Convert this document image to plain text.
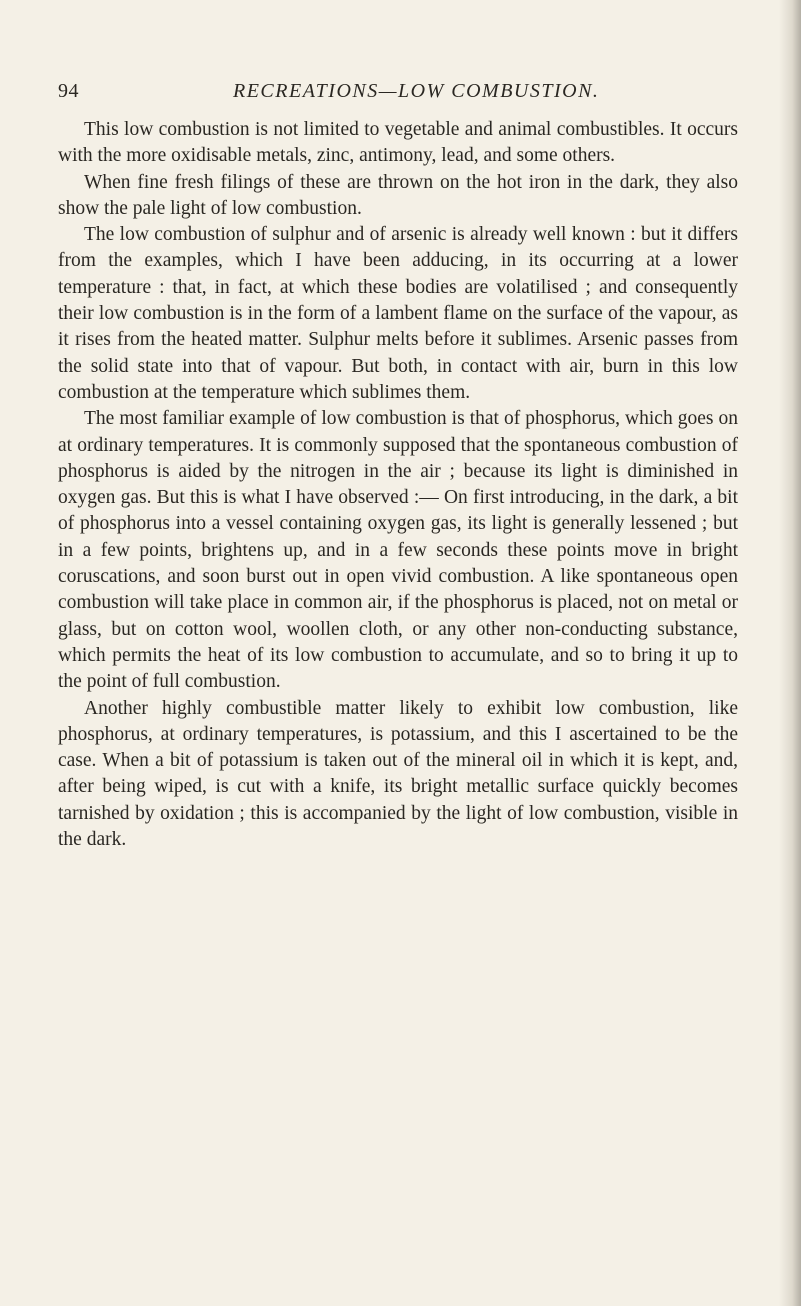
94	RECREATIONS—LOW COMBUSTION.

This low combustion is not limited to vegetable and animal combustibles. It occurs with the more oxidisable metals, zinc, antimony, lead, and some others.

When fine fresh filings of these are thrown on the hot iron in the dark, they also show the pale light of low combustion.

The low combustion of sulphur and of arsenic is already well known : but it differs from the examples, which I have been adducing, in its occurring at a lower temperature : that, in fact, at which these bodies are volatilised ; and consequently their low combustion is in the form of a lambent flame on the surface of the vapour, as it rises from the heated matter. Sulphur melts before it sublimes. Arsenic passes from the solid state into that of vapour. But both, in contact with air, burn in this low combustion at the temperature which sublimes them.

The most familiar example of low combustion is that of phosphorus, which goes on at ordinary temperatures. It is commonly supposed that the spontaneous combustion of phosphorus is aided by the nitrogen in the air ; because its light is diminished in oxygen gas. But this is what I have observed :— On first introducing, in the dark, a bit of phosphorus into a vessel containing oxygen gas, its light is generally lessened ; but in a few points, brightens up, and in a few seconds these points move in bright coruscations, and soon burst out in open vivid combustion. A like spontaneous open combustion will take place in common air, if the phosphorus is placed, not on metal or glass, but on cotton wool, woollen cloth, or any other non-conducting substance, which permits the heat of its low combustion to accumulate, and so to bring it up to the point of full combustion.

Another highly combustible matter likely to exhibit low combustion, like phosphorus, at ordinary temperatures, is potassium, and this I ascertained to be the case. When a bit of potassium is taken out of the mineral oil in which it is kept, and, after being wiped, is cut with a knife, its bright metallic surface quickly becomes tarnished by oxidation ; this is accompanied by the light of low combustion, visible in the dark.
